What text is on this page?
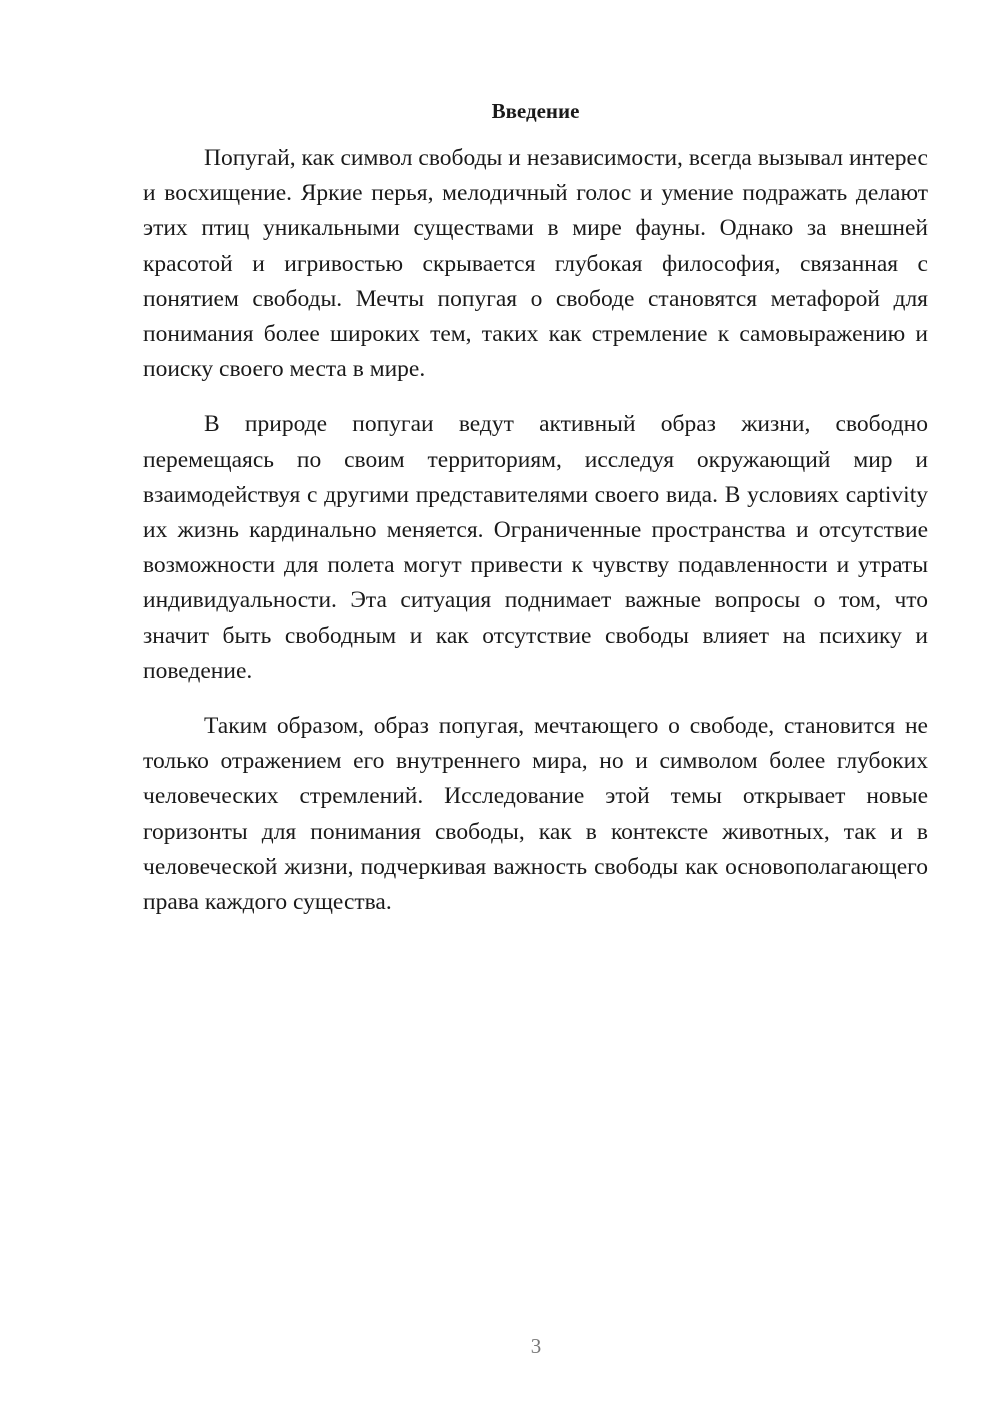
Введение

Попугай, как символ свободы и независимости, всегда вызывал интерес и восхищение. Яркие перья, мелодичный голос и умение подражать делают этих птиц уникальными существами в мире фауны. Однако за внешней красотой и игривостью скрывается глубокая философия, связанная с понятием свободы. Мечты попугая о свободе становятся метафорой для понимания более широких тем, таких как стремление к самовыражению и поиску своего места в мире.

В природе попугаи ведут активный образ жизни, свободно перемещаясь по своим территориям, исследуя окружающий мир и взаимодействуя с другими представителями своего вида. В условиях captivity их жизнь кардинально меняется. Ограниченные пространства и отсутствие возможности для полета могут привести к чувству подавленности и утраты индивидуальности. Эта ситуация поднимает важные вопросы о том, что значит быть свободным и как отсутствие свободы влияет на психику и поведение.

Таким образом, образ попугая, мечтающего о свободе, становится не только отражением его внутреннего мира, но и символом более глубоких человеческих стремлений. Исследование этой темы открывает новые горизонты для понимания свободы, как в контексте животных, так и в человеческой жизни, подчеркивая важность свободы как основополагающего права каждого существа.

3
